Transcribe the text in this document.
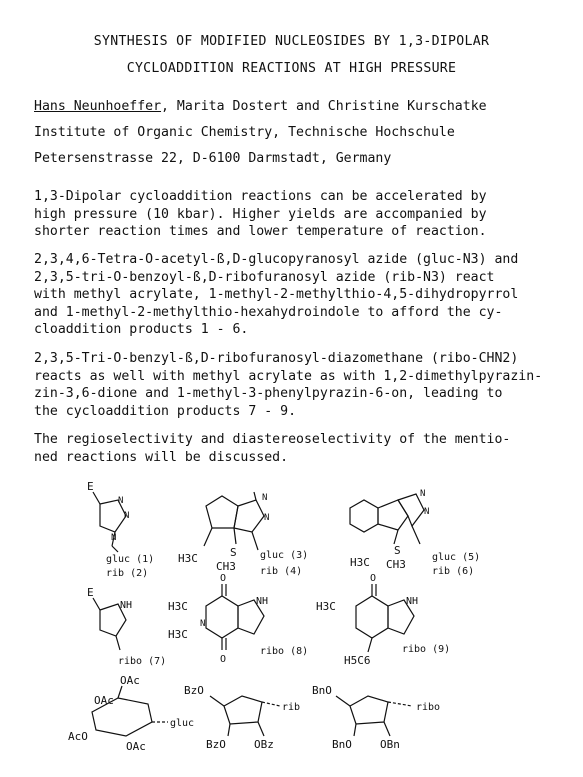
SYNTHESIS OF MODIFIED NUCLEOSIDES BY 1,3-DIPOLAR
CYCLOADDITION REACTIONS AT HIGH PRESSURE
Hans Neunhoeffer, Marita Dostert and Christine Kurschatke
Institute of Organic Chemistry, Technische Hochschule
Petersenstrasse 22, D-6100 Darmstadt, Germany
1,3-Dipolar cycloaddition reactions can be accelerated by
high pressure (10 kbar). Higher yields are accompanied by
shorter reaction times and lower temperature of reaction.
2,3,4,6-Tetra-O-acetyl-ß,D-glucopyranosyl azide (gluc-N3) and
2,3,5-tri-O-benzoyl-ß,D-ribofuranosyl azide (rib-N3) react
with methyl acrylate, 1-methyl-2-methylthio-4,5-dihydropyrrol
and 1-methyl-2-methylthio-hexahydroindole to afford the cy-
cloaddition products 1 - 6.
2,3,5-Tri-O-benzyl-ß,D-ribofuranosyl-diazomethane (ribo-CHN2)
reacts as well with methyl acrylate as with 1,2-dimethylpyrazin-
zin-3,6-dione and 1-methyl-3-phenylpyrazin-6-on, leading to
the cycloaddition products 7 - 9.
The regioselectivity and diastereoselectivity of the mentio-
ned reactions will be discussed.
E
N
N
N
gluc (1)
rib (2)
N
N
H3C	S
CH3
gluc (3)
rib (4)
N
N
H3C
S
CH3
gluc (5)
rib (6)
E
NH
ribo (7)
O
O
H3C
H3C
N
NH
ribo (8)
O
H3C	NH
H5C6
ribo (9)
OAc
OAc
OAc
AcO
gluc
BzO
BzO	OBz
rib
BnO
BnO	OBn
ribo
